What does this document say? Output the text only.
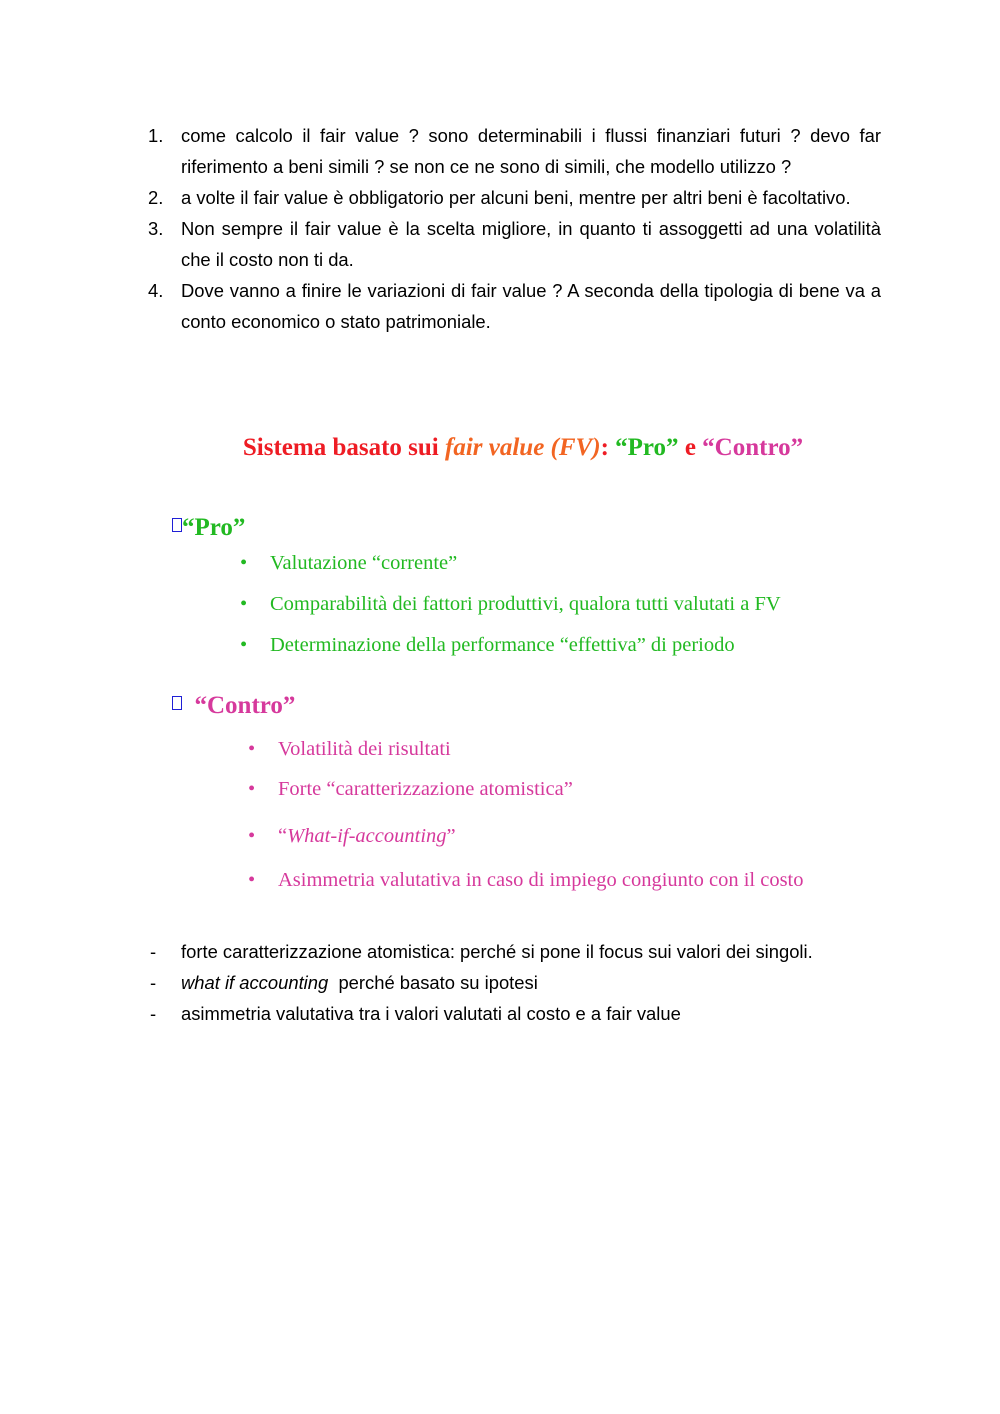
1. come calcolo il fair value ? sono determinabili i flussi finanziari futuri ? devo far riferimento a beni simili ? se non ce ne sono di simili, che modello utilizzo ?
2. a volte il fair value è obbligatorio per alcuni beni, mentre per altri beni è facoltativo.
3. Non sempre il fair value è la scelta migliore, in quanto ti assoggetti ad una volatilità che il costo non ti da.
4. Dove vanno a finire le variazioni di fair value ? A seconda della tipologia di bene va a conto economico o stato patrimoniale.
Sistema basato sui fair value (FV): “Pro” e “Contro”
“Pro”
• Valutazione “corrente”
• Comparabilità dei fattori produttivi, qualora tutti valutati a FV
• Determinazione della performance “effettiva” di periodo
“Contro”
• Volatilità dei risultati
• Forte “caratterizzazione atomistica”
• “What-if-accounting”
• Asimmetria valutativa in caso di impiego congiunto con il costo
- forte caratterizzazione atomistica: perché si pone il focus sui valori dei singoli.
- what if accounting  perché basato su ipotesi
- asimmetria valutativa tra i valori valutati al costo e a fair value
